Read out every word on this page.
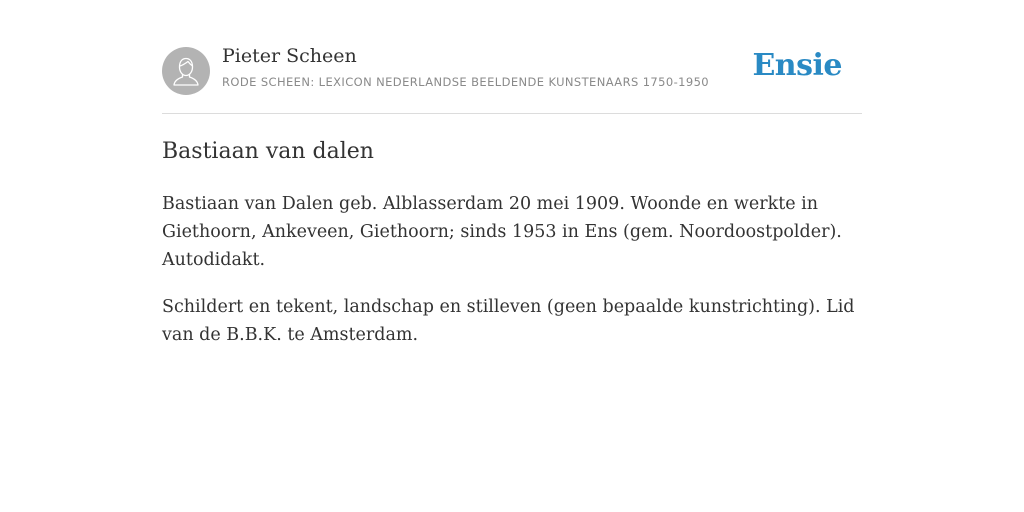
Pieter Scheen
RODE SCHEEN: LEXICON NEDERLANDSE BEELDENDE KUNSTENAARS 1750-1950 Ensie
Bastiaan van dalen

Bastiaan van Dalen geb. Alblasserdam 20 mei 1909. Woonde en werkte in Giethoorn, Ankeveen, Giethoorn; sinds 1953 in Ens (gem. Noordoostpolder). Autodidakt.

Schildert en tekent, landschap en stilleven (geen bepaalde kunstrichting). Lid van de B.B.K. te Amsterdam.
